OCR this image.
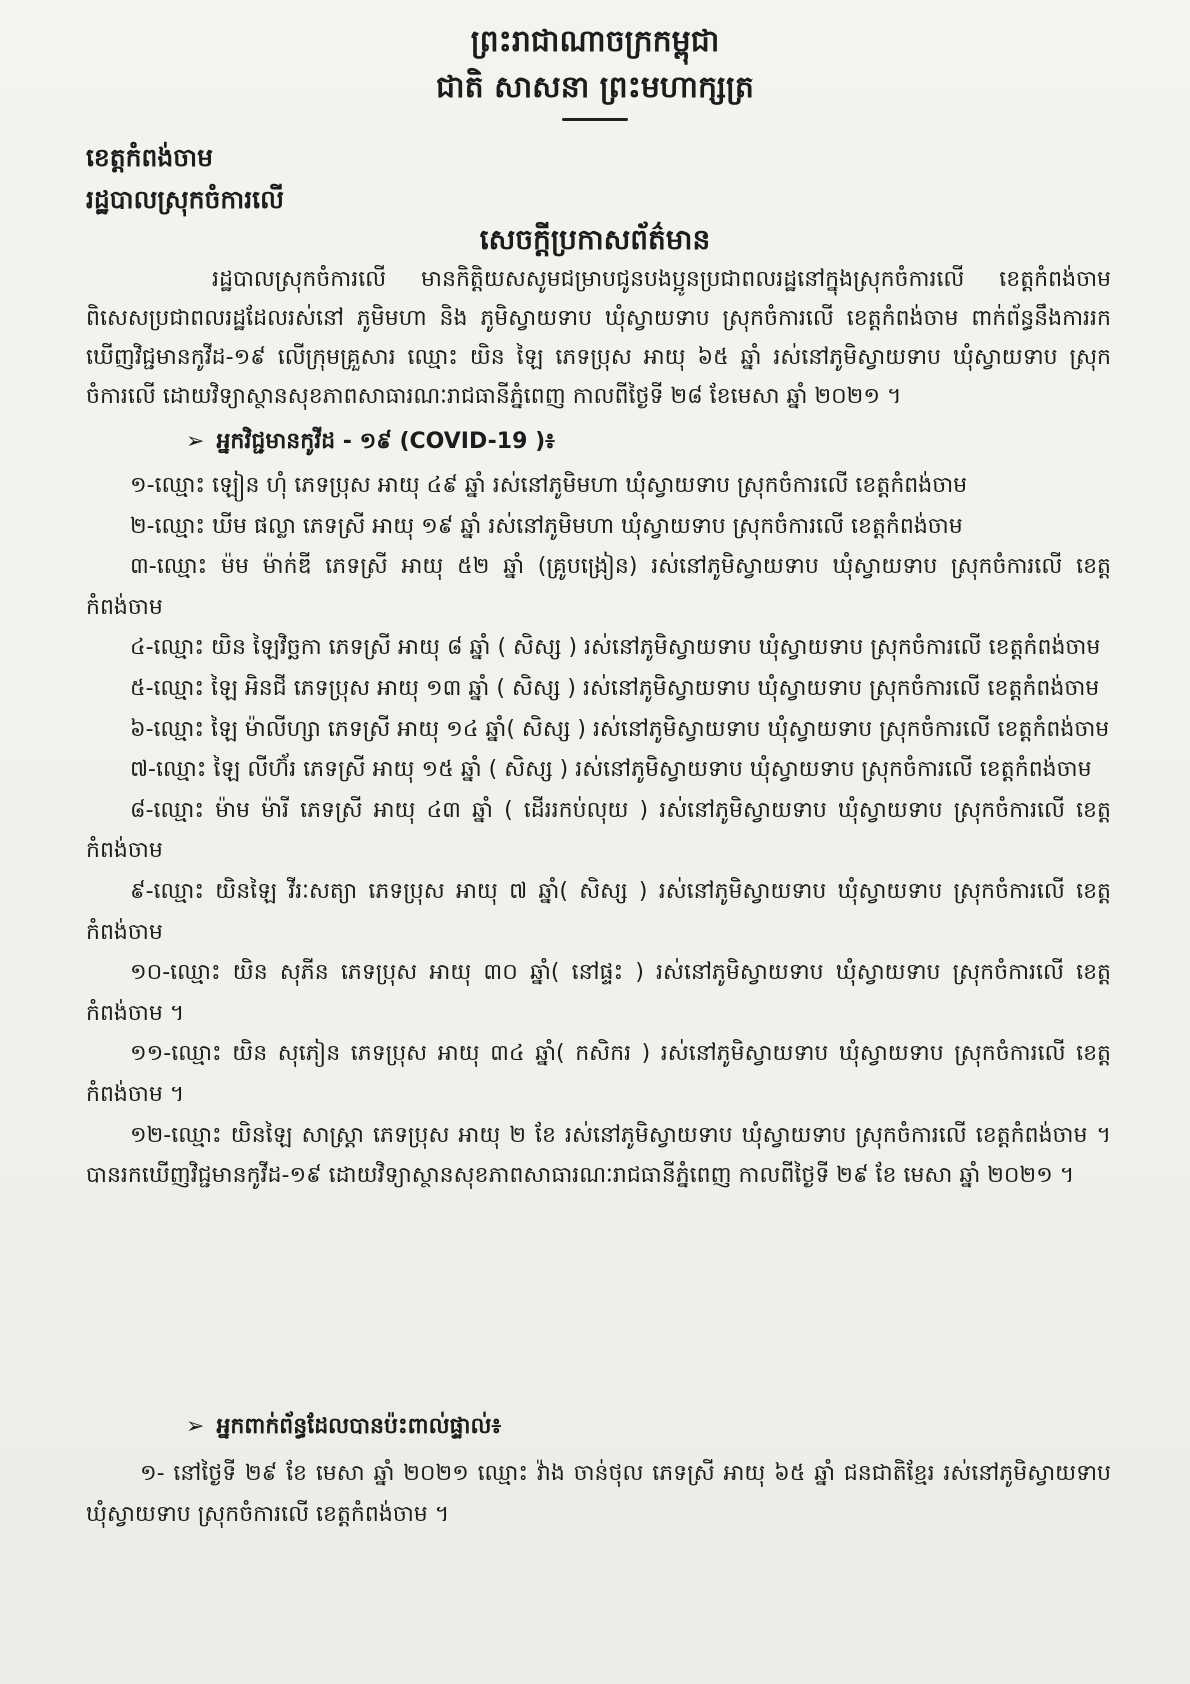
ព្រះរាជាណាចក្រកម្ពុជា
ជាតិ សាសនា ព្រះមហាក្សត្រ
ខេត្តកំពង់ចាម
រដ្ឋបាលស្រុកចំការលើ
សេចក្តីប្រកាសព័ត៌មាន

រដ្ឋបាលស្រុកចំការលើ មានកិត្តិយសសូមជម្រាបជូនបងប្អូនប្រជាពលរដ្ឋនៅក្នុងស្រុកចំការលើ ខេត្តកំពង់ចាម ពិសេសប្រជាពលរដ្ឋដែលរស់នៅ ភូមិមហា និង ភូមិស្វាយទាប ឃុំស្វាយទាប ស្រុកចំការលើ ខេត្តកំពង់ចាម ពាក់ព័ន្ធនឹងការរកឃើញវិជ្ជមានកូវីដ-១៩ លើក្រុមគ្រួសារ ឈ្មោះ យិន ឡៃ ភេទប្រុស អាយុ ៦៥ ឆ្នាំ រស់នៅភូមិស្វាយទាប ឃុំស្វាយទាប ស្រុកចំការលើ ដោយវិទ្យាស្ថានសុខភាពសាធារណៈរាជធានីភ្នំពេញ កាលពីថ្ងៃទី ២៨ ខែមេសា ឆ្នាំ ២០២១ ។

➢ អ្នកវិជ្ជមានកូវីដ - ១៩ (COVID-19 )៖
១-ឈ្មោះ ឡៀន ហុំ ភេទប្រុស អាយុ ៤៩ ឆ្នាំ រស់នៅភូមិមហា ឃុំស្វាយទាប ស្រុកចំការលើ ខេត្តកំពង់ចាម
២-ឈ្មោះ ឃីម ផល្លា ភេទស្រី អាយុ ១៩ ឆ្នាំ រស់នៅភូមិមហា ឃុំស្វាយទាប ស្រុកចំការលើ ខេត្តកំពង់ចាម
៣-ឈ្មោះ ម៉ម ម៉ាក់ឌី ភេទស្រី អាយុ ៥២ ឆ្នាំ (គ្រូបង្រៀន) រស់នៅភូមិស្វាយទាប ឃុំស្វាយទាប ស្រុកចំការលើ ខេត្តកំពង់ចាម
៤-ឈ្មោះ យិន ឡៃវិច្ឆកា ភេទស្រី អាយុ ៨ ឆ្នាំ ( សិស្ស ) រស់នៅភូមិស្វាយទាប ឃុំស្វាយទាប ស្រុកចំការលើ ខេត្តកំពង់ចាម
៥-ឈ្មោះ ឡៃ អិនជី ភេទប្រុស អាយុ ១៣ ឆ្នាំ ( សិស្ស ) រស់នៅភូមិស្វាយទាប ឃុំស្វាយទាប ស្រុកចំការលើ ខេត្តកំពង់ចាម
៦-ឈ្មោះ ឡៃ ម៉ាលីហ្សា ភេទស្រី អាយុ ១៤ ឆ្នាំ( សិស្ស ) រស់នៅភូមិស្វាយទាប ឃុំស្វាយទាប ស្រុកចំការលើ ខេត្តកំពង់ចាម
៧-ឈ្មោះ ឡៃ លីហ៊័រ ភេទស្រី អាយុ ១៥ ឆ្នាំ ( សិស្ស ) រស់នៅភូមិស្វាយទាប ឃុំស្វាយទាប ស្រុកចំការលើ ខេត្តកំពង់ចាម
៨-ឈ្មោះ ម៉ាម ម៉ារី ភេទស្រី អាយុ ៤៣ ឆ្នាំ ( ដើររកប់លុយ ) រស់នៅភូមិស្វាយទាប ឃុំស្វាយទាប ស្រុកចំការលើ ខេត្តកំពង់ចាម
៩-ឈ្មោះ យិនឡៃ វីរៈសត្យា ភេទប្រុស អាយុ ៧ ឆ្នាំ( សិស្ស ) រស់នៅភូមិស្វាយទាប ឃុំស្វាយទាប ស្រុកចំការលើ ខេត្តកំពង់ចាម
១០-ឈ្មោះ យិន សុភីន ភេទប្រុស អាយុ ៣០ ឆ្នាំ( នៅផ្ទះ ) រស់នៅភូមិស្វាយទាប ឃុំស្វាយទាប ស្រុកចំការលើ ខេត្តកំពង់ចាម ។
១១-ឈ្មោះ យិន សុភៀន ភេទប្រុស អាយុ ៣៤ ឆ្នាំ( កសិករ ) រស់នៅភូមិស្វាយទាប ឃុំស្វាយទាប ស្រុកចំការលើ ខេត្តកំពង់ចាម ។
១២-ឈ្មោះ យិនឡៃ សាស្រ្តា ភេទប្រុស អាយុ ២ ខែ រស់នៅភូមិស្វាយទាប ឃុំស្វាយទាប ស្រុកចំការលើ ខេត្តកំពង់ចាម ។ បានរកឃើញវិជ្ជមានកូវីដ-១៩ ដោយវិទ្យាស្ថានសុខភាពសាធារណៈរាជធានីភ្នំពេញ កាលពីថ្ងៃទី ២៩ ខែ មេសា ឆ្នាំ ២០២១ ។
➢ អ្នកពាក់ព័ន្ធដែលបានប៉ះពាល់ផ្ទាល់៖

១- នៅថ្ងៃទី ២៩ ខែ មេសា ឆ្នាំ ២០២១ ឈ្មោះ វ៉ាង ចាន់ថុល ភេទស្រី អាយុ ៦៥ ឆ្នាំ ជនជាតិខ្មែរ រស់នៅភូមិស្វាយទាប ឃុំស្វាយទាប ស្រុកចំការលើ ខេត្តកំពង់ចាម ។
